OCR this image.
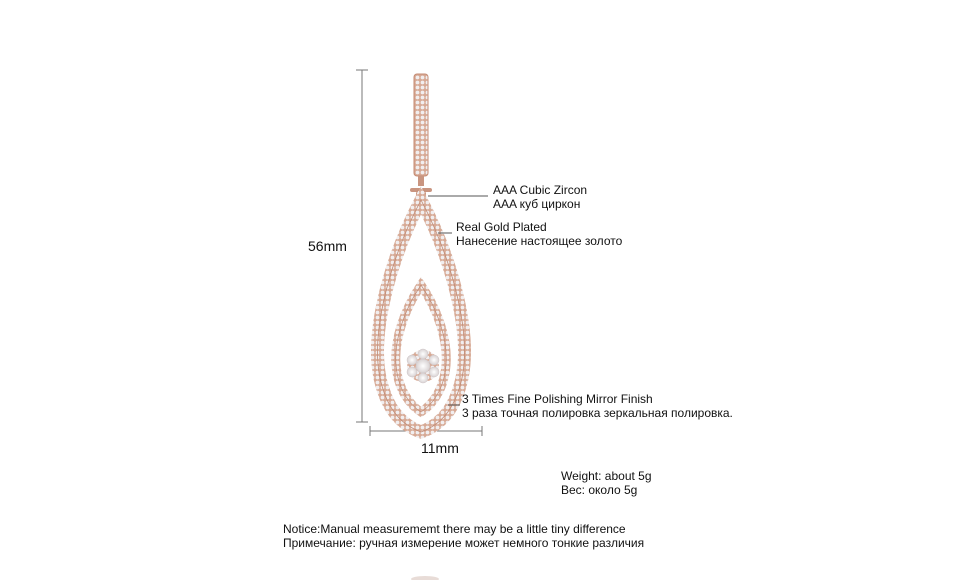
56mm
11mm
AAA Cubic Zircon
AAA куб циркон
Real Gold Plated
Нанесение настоящее золото
3 Times Fine Polishing Mirror Finish
3 раза точная полировка зеркальная полировка.
Weight: about 5g
Вес: около 5g
Notice:Manual measurememt there may be a little tiny difference
Примечание: ручная измерение может немного тонкие различия
